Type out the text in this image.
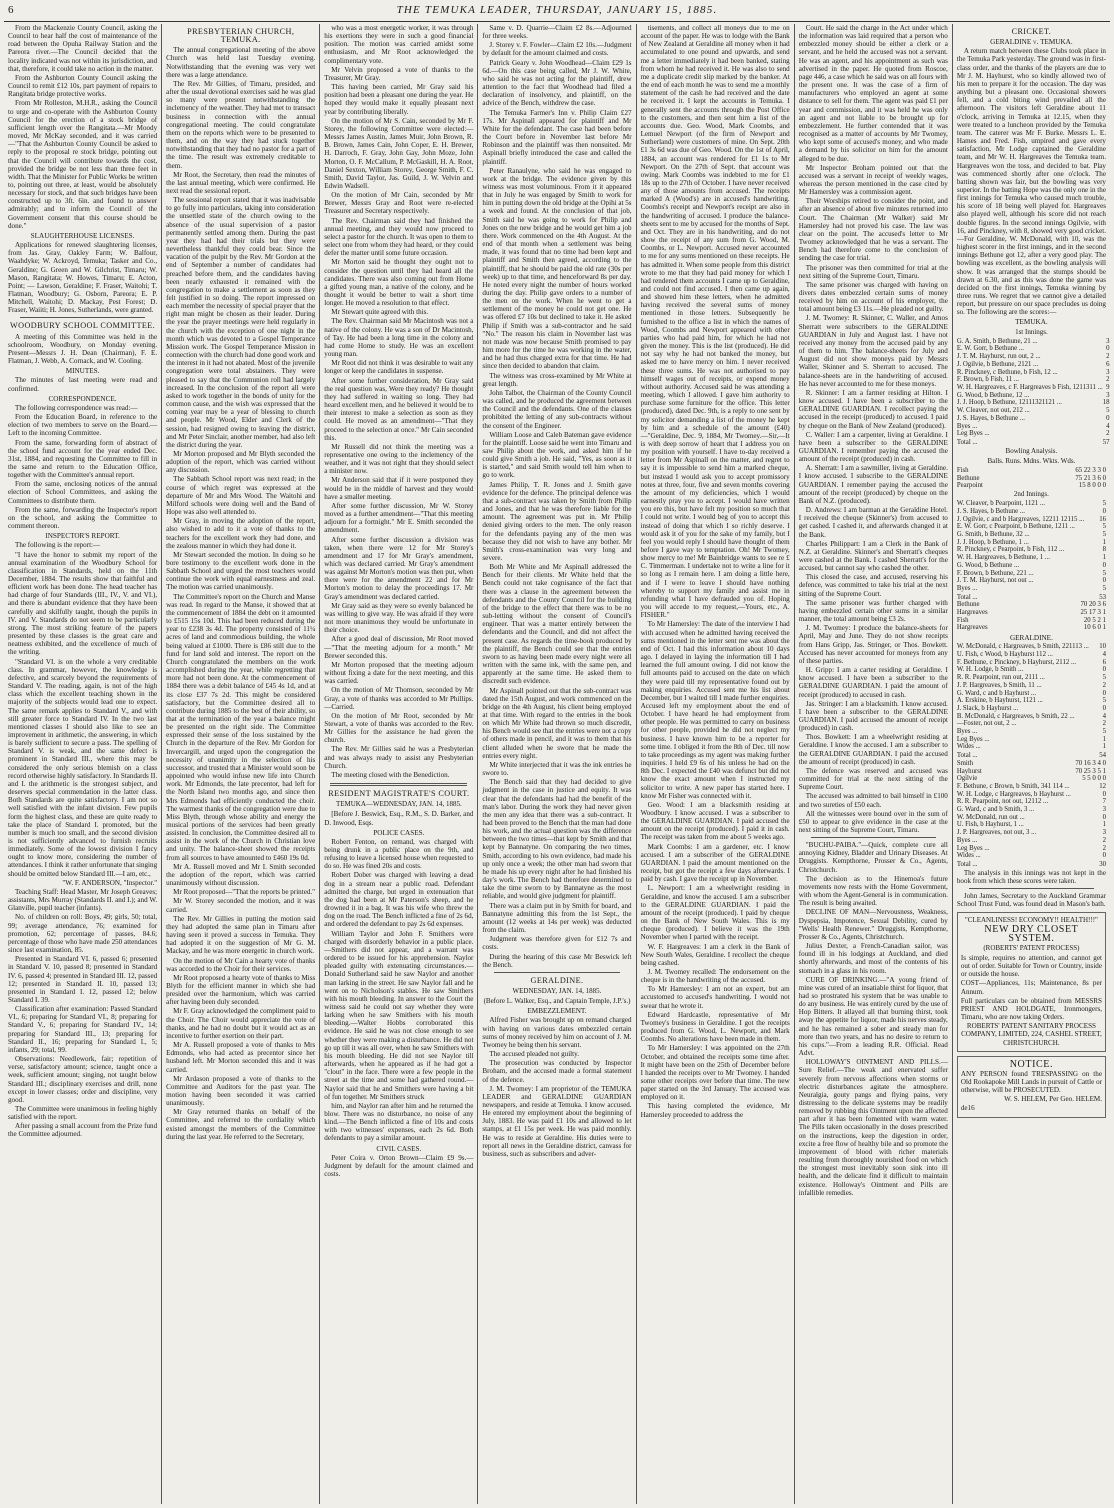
6	THE TEMUKA LEADER, THURSDAY, JANUARY 15, 1885.

From the Mackenzie County Council, asking the Council to hear half the cost of maintenance of the road between the Opuha Railway Station and the Pareora river.—The Council decided that the locality indicated was not within its jurisdiction, and that, therefore, it could take no action in the matter.

From the Ashburton County Council asking the Council to remit £12 10s, part payment of repairs to Rangitata bridge protective works.

From Mr Rolleston, M.H.R., asking the Council to urge and co-operate with the Ashburton County Council for the erection of a stock bridge of sufficient length over the Rangitata.—Mr Moody moved, Mr McKay seconded, and it was carried—"That the Ashburton County Council be asked to reply to the proposal re stock bridge, pointing out that the Council will contribute towards the cost, provided the bridge be not less than three feet in width. That the Minister for Public Works be written to, pointing out three, at least, would be absolutely necessary for stock, and that such bridges have been constructed up to 3ft. 6in. and found to answer admirably; and to inform the Council of the Government consent that this course should be done."

SLAUGHTERHOUSE LICENSES.

Applications for renewed slaughtering licenses, from Jas. Gray, Oakley Farm; W. Balfour, Waahdyke; W. Ackroyd, Temuka; Tasker and Co., Geraldine; G. Green and W. Gilchrist, Timaru; W. Mason, Rangitata; W. Howes, Timaru; E. Acton, Point; — Lawson, Geraldine; F. Fraser, Waitohi; T. Flatman, Woodbury; G. Osborn, Pareora; E. P. Mitchell, Waitohi; D. Mackay, Pest Forest; D. Fraser, Waiiti; H. Jones, Sutherlands, were granted.

WOODBURY SCHOOL COMMITTEE.

A meeting of this Committee was held in the schoolroom, Woodbury, on Monday evening. Present—Messrs J. H. Dean (Chairman), F. E. Flatman, J. Webb, A. Cornack, and W. Cooling.

MINUTES.

The minutes of last meeting were read and confirmed.

CORRESPONDENCE.

The following correspondence was read:—

From the Education Board, in reference to the election of two members to serve on the Board.—Left to the incoming Committee.

From the same, forwarding form of abstract of the school fund account for the year ended Dec. 31st, 1884, and requesting the Committee to fill in the same and return to the Education Office, together with the Committee's annual report.

From the same, enclosing notices of the annual election of School Committees, and asking the Committees to distribute them.

From the same, forwarding the Inspector's report on the school, and asking the Committee to comment thereon.

INSPECTOR'S REPORT.

The following is the report:—

"I have the honor to submit my report of the annual examination of the Woodbury School for classification in Standards, held on the 11th December, 1884. The results show that faithful and efficient work has been done. The head teacher has had charge of four Standards (III., IV., V. and VI.), and there is abundant evidence that they have been carefully and skilfully taught, though the pupils in IV. and V. Standards do not seem to be particularly strong. The most striking feature of the papers presented by these classes is the great care and neatness exhibited, and the excellence of much of the writing.

"Standard VI. is on the whole a very creditable class. In grammar, however, the knowledge is defective, and scarcely beyond the requirements of Standard V. The reading, again, is not of the high class which the excellent teaching shown in the majority of the subjects would lead one to expect. The same remark applies to Standard V., and with still greater force to Standard IV. In the two last mentioned classes I should also like to see an improvement in arithmetic, the answering, in which is barely sufficient to secure a pass. The spelling of Standard V. is weak, and the same defect is prominent in Standard III., where this may be considered the only serious blemish on a class record otherwise highly satisfactory. In Standards II. and I. the arithmetic is the strongest subject, and deserves special commendation in the latter class. Both Standards are quite satisfactory. I am not so well satisfied with the infant division. Few pupils form the highest class, and these are quite ready to take the place of Standard I. promoted, but the number is much too small, and the second division is not sufficiently advanced to furnish recruits immediately. Some of the lowest division I fancy ought to know more, considering the number of attendances. I think it rather unfortunate that singing should be omitted below Standard III.—I am, etc.,

"W. F. ANDERSON, "Inspector."

Teaching Staff: Head Master, Mr Joseph Greaves; assistants, Mrs Murray (Standards II. and I.); and W. Glanville, pupil teacher (infants).

No. of children on roll: Boys, 49; girls, 50; total, 99; average attendance, 76; examined for promotion, 62; percentage of passes, 84.6; percentage of those who have made 250 attendances since last examination, 85.

Presented in Standard VI. 6, passed 6; presented in Standard V. 10, passed 8; presented in Standard IV. 6, passed 4; presented in Standard III. 12, passed 12; presented in Standard II. 10, passed 13; presented in Standard I. 12, passed 12; below Standard I. 39.

Classification after examination: Passed Standard VI., 6; preparing for Standard VI., 8; preparing for Standard V., 6; preparing for Standard IV., 14; preparing for Standard III., 13; preparing for Standard II., 16; preparing for Standard I., 5; infants, 29; total, 99.

Observations: Needlework, fair; repetition of verse, satisfactory amount; science, taught once a week, sufficient amount; singing, not taught below Standard III.; disciplinary exercises and drill, none except in lower classes; order and discipline, very good.

The Committee were unanimous in feeling highly satisfied with the report.

After passing a small account from the Prize fund the Committee adjourned.

PRESBYTERIAN CHURCH, TEMUKA.

The annual congregational meeting of the above Church was held last Tuesday evening. Notwithstanding that the evening was very wet there was a large attendance.

The Rev. Mr Gillies, of Timaru, presided, and after the usual devotional exercises said he was glad so many were present notwithstanding the inclemency of the weather. They had met to transact business in connection with the annual congregational meeting. The could congratulate them on the reports which were to be presented to them, and on the way they had stuck together notwithstanding that they had no pastor for a part of the time. The result was extremely creditable to them.

Mr Root, the Secretary, then read the minutes of the last annual meeting, which were confirmed. He next read the sessional report.

The sessional report stated that it was inadvisable to go fully into particulars, taking into consideration the unsettled state of the church owing to the absence of the usual supervision of a pastor permanently settled among them. During the past year they had had their trials but they were nevertheless thankful they could bear. Since the vacation of the pulpit by the Rev. Mr Gordon at the end of September a number of candidates had preached before them, and the candidates having been nearly exhausted it remained with the congregation to make a settlement as soon as they felt justified in so doing. The report impressed on each member the necessity of special prayer that the right man might be chosen as their leader. During the year the prayer meetings were held regularly in the church with the exception of one night in the month which was devoted to a Gospel Temperance Mission work. The Gospel Temperance Mission in connection with the church had done good work and the interest in it had not abated. Most of the juvenile congregation were total abstainers. They were pleased to say that the Communion roll had largely increased. In the conclusion of the report all were asked to work together in the bonds of unity for the common cause, and the wish was expressed that the coming year may be a year of blessing to church and people. Mr Wood, Elder and Clerk of the session, had resigned owing to leaving the district, and Mr Peter Sinclair, another member, had also left the district during the year.

Mr Morton proposed and Mr Blyth seconded the adoption of the report, which was carried without any discussion.

The Sabbath School report was next read; in the course of which regret was expressed at the departure of Mr and Mrs Wood. The Waitohi and Milford schools were doing well and the Band of Hope was also well attended to.

Mr Gray, in moving the adoption of the report, also wished to add to it a vote of thanks to the teachers for the excellent work they had done, and the zealous manner in which they had done it.

Mr Stewart seconded the motion. In doing so he bore testimony to the excellent work done in the Sabbath School and urged the most teachers would continue the work with equal earnestness and zeal. The motion was carried unanimously.

The Committee's report on the Church and Manse was read. In regard to the Manse, it showed that at the commencement of 1884 the debt on it amounted to £515 15s 10d. This had been reduced during the year to £238 3s 4d. The property consisted of 11¼ acres of land and commodious building, the whole being valued at £1000. There is £86 still due to the fund for land sold and interest. The report on the Church congratulated the members on the work accomplished during the year, while regretting that more had not been done. At the commencement of 1884 there was a debit balance of £45 4s 1d, and at its close £37 7s 2d. This might be considered satisfactory, but the Committee desired all to contribute during 1885 to the best of their ability, so that at the termination of the year a balance might be presented on the right side. The Committee expressed their sense of the loss sustained by the Church in the departure of the Rev. Mr Gordon for Invercargill, and urged upon the congregation the necessity of unanimity in the selection of his successor, and trusted that a Minister would soon be appointed who would infuse new life into Church work. Mr Edmonds, the late precentor, had left for the North Island two months ago, and since then Mrs Edmonds had efficiently conducted the choir. The warmest thanks of the congregation were due to Miss Blyth, through whose ability and energy the musical portions of the services had been greatly assisted. In conclusion, the Committee desired all to assist in the work of the Church in Christian love and unity. The balance-sheet showed the receipts from all sources to have amounted to £460 19s 0d.

Mr A. Russell moved and Mr I. Smith seconded the adoption of the report, which was carried unanimously without discussion.

Mr Root proposed—"That the reports be printed."

Mr W. Storey seconded the motion, and it was carried.

The Rev. Mr Gillies in putting the motion said they had adopted the same plan in Timaru after having seen it proved a success in Temuka. They had adopted it on the suggestion of Mr G. M. Mackay, and he was more energetic in church work.

On the motion of Mr Cain a hearty vote of thanks was accorded to the Choir for their services.

Mr Root proposed a hearty vote of thanks to Miss Blyth for the efficient manner in which she had presided over the harmonium, which was carried after having been duly seconded.

Mr F. Gray acknowledged the compliment paid to the Choir. The Choir would appreciate the vote of thanks, and he had no doubt but it would act as an incentive to further exertion on their part.

Mr A. Russell proposed a vote of thanks to Mrs Edmonds, who had acted as precentor since her husband left. Mr Morton seconded this and it was carried.

Mr Ardason proposed a vote of thanks to the Committee and Auditors for the past year. The motion having been seconded it was carried unanimously.

Mr Gray returned thanks on behalf of the Committee, and referred to the cordiality which existed amongst the members of the Committee during the last year. He referred to the Secretary,

who was a most energetic worker, it was through his exertions they were in such a good financial position. The motion was carried amidst some enthusiasm, and Mr Root acknowledged the complimentary vote.

Mr Velvin proposed a vote of thanks to the Treasurer, Mr Gray.

This having been carried, Mr Gray said his position had been a pleasant one during the year. He hoped they would make it equally pleasant next year by contributing liberally.

On the motion of Mr S. Cain, seconded by Mr F. Storey, the following Committee were elected:—Messrs James Austin, James Muir, John Brown, R. B. Brown, James Cain, John Coper, E. H. Brewer, H. Darroch, F. Gray, John Gay, John Moze, John Morton, O. F. McCallum, P. McGaskill, H. A. Root, Daniel Sexton, William Storey, George Smith, F. C. Smith, David Taylor, Jas. Guild, J. W. Velvin and Edwin Wadsell.

On the motion of Mr Cain, seconded by Mr Brewer, Messrs Gray and Root were re-elected Treasurer and Secretary respectively.

The Rev. Chairman said they had finished the annual meeting, and they would now proceed to select a pastor for the church. It was open to them to select one from whom they had heard, or they could defer the matter until some future occasion.

Mr Morton said he thought they ought not to consider the question until they had heard all the candidates. There was also coming out from Home a gifted young man, a native of the colony, and he thought it would be better to wait a short time longer. He moved a resolution to that effect.

Mr Stewart quite agreed with this.

The Rev. Chairman said Mr Macintosh was not a native of the colony. He was a son of Dr Macintosh, of Tay. He had been a long time in the colony and had come Home to study. He was an excellent young man.

Mr Root did not think it was desirable to wait any longer or keep the candidates in suspense.

After some further consideration, Mr Gray said the real question was, Were they ready? He thought they had suffered in waiting so long. They had heard excellent men, and he believed it would be to their interest to make a selection as soon as they could. He moved as an amendment—"That they proceed to the selection at once." Mr Cain seconded this.

Mr Russell did not think the meeting was a representative one owing to the inclemency of the weather, and it was not right that they should select a minister now.

Mr Anderson said that if it were postponed they would be in the middle of harvest and they would have a smaller meeting.

After some further discussion, Mr W. Storey moved as a further amendment—"That this meeting adjourn for a fortnight." Mr E. Smith seconded the amendment.

After some further discussion a division was taken, when there were 12 for Mr Storey's amendment and 17 for Mr Gray's amendment, which was declared carried. Mr Gray's amendment was against Mr Morton's motion was then put, when there were for the amendment 22 and for Mr Morton's motion to delay the proceedings 17. Mr Gray's amendment was declared carried.

Mr Gray said as they were so evenly balanced he was willing to give way. He was afraid if they were not more unanimous they would be unfortunate in their choice.

After a good deal of discussion, Mr Root moved—"That the meeting adjourn for a month." Mr Brewer seconded this.

Mr Morton proposed that the meeting adjourn without fixing a date for the next meeting, and this was carried.

On the motion of Mr Thomson, seconded by Mr Gray, a vote of thanks was accorded to Mr Phillips.—Carried.

On the motion of Mr Root, seconded by Mr Stewart, a vote of thanks was accorded to the Rev. Mr Gillies for the assistance he had given the church.

The Rev. Mr Gillies said he was a Presbyterian and was always ready to assist any Presbyterian Church.

The meeting closed with the Benediction.

RESIDENT MAGISTRATE'S COURT.

TEMUKA—WEDNESDAY, JAN. 14, 1885.

[Before J. Beswick, Esq., R.M., S. D. Barker, and D. Inwood, Esqs.

POLICE CASES.

Robert Fenton, on remand, was charged with being drunk in a public place on the 9th, and refusing to leave a licensed house when requested to do so. He was fined 20s and costs.

Robert Dober was charged with leaving a dead dog in a stream near a public road. Defendant admitted the charge, but urged in extenuation that the dog had been at Mr Paterson's sheep, and he drowned it in a bag. It was his wife who threw the dog on the road. The Bench inflicted a fine of 2s 6d, and ordered the defendant to pay 2s 6d expenses.

William Taylor and John F. Smithers were charged with disorderly behavior in a public place.—Smithers did not appear, and a warrant was ordered to be issued for his apprehension. Naylor pleaded guilty with extenuating circumstances.—Donald Sutherland said he saw Naylor and another man larking in the street. He saw Naylor fall and he went on to Nicholson's stables. He saw Smithers with his mouth bleeding. In answer to the Court the witness said he could not say whether they were larking when he saw Smithers with his mouth bleeding.—Walter Hobbs corroborated this evidence. He said he was not close enough to see whether they were making a disturbance. He did not go up till it was all over, when he saw Smithers with his mouth bleeding. He did not see Naylor till afterwards, when he appeared as if he had got a "clout" in the face. There were a few people in the street at the time and some had gathered round.—Naylor said that he and Smithers were having a bit of fun together. Mr Smithers struck

him, and Naylor ran after him and he returned the blow. There was no disturbance, no noise of any kind.—The Bench inflicted a fine of 10s and costs with two witnesses' expenses, each 2s 6d. Both defendants to pay a similar amount.

CIVIL CASES.

Peter Coira v. Orton Brown—Claim £9 9s.—Judgment by default for the amount claimed and costs.

Same v. D. Quarrie—Claim £2 8s.—Adjourned for three weeks.

J. Storey v. F. Fowler—Claim £2 10s.—Judgment by default for the amount claimed and costs.

Patrick Geary v. John Woodhead—Claim £29 1s 6d.—On this case being called, Mr J. W. White, who said he was not acting for the plaintiff, drew attention to the fact that Woodhead had filed a declaration of insolvency, and plaintiff, on the advice of the Bench, withdrew the case.

The Temuka Farmer's Inn v. Philip Claim £27 17s. Mr Aspinall appeared for plaintiff and Mr White for the defendant. The case had been before the Court before in November last before Mr Robinson and the plaintiff was then nonsuited. Mr Aspinall briefly introduced the case and called the plaintiff.

Peter Ranaulyne, who said he was engaged to work at the bridge. The evidence given by this witness was most voluminous. From it it appeared that in July he was engaged by Smith to work for him in putting down the old bridge at the Opihi at 5s a week and found. At the conclusion of that job, Smith said he was going to work for Philip and Jones on the new bridge and he would get him a job there. Work commenced on the 4th August. At the end of that month when a settlement was being made, it was found that no time had been kept and plaintiff and Smith then agreed, according to the plaintiff, that he should be paid the old rate (30s per week) up to that time, and henceforward 8s per day. He noted every night the number of hours worked during the day. Philip gave orders to a number of the men on the work. When he went to get a settlement of the money he could not get one. He was offered £7 10s but declined to take it. He asked Philip if Smith was a sub-contractor and he said "No." The reason his claim in November last was not made was now because Smith promised to pay him more for the time he was working in the water, and he had thus charged extra for that time. He had since then decided to abandon that claim.

The witness was cross-examined by Mr White at great length.

John Talbot, the Chairman of the County Council was called, and he produced the agreement between the Council and the defendants. One of the clauses prohibited the letting of any sub-contracts without the consent of the Engineer.

William Loose and Caleb Bateman gave evidence for the plaintiff. Loose said he went into Timaru and saw Philip about the work, and asked him if he could give Smith a job. He said, "Yes, as soon as it is started," and said Smith would tell him when to go to work.

James Philip, T. R. Jones and J. Smith gave evidence for the defence. The principal defence was that a sub-contract was taken by Smith from Philip and Jones, and that he was therefore liable for the amount. The agreement was put in. Mr Philip denied giving orders to the men. The only reason for the defendants paying any of the men was because they did not wish to have any bother. Mr Smith's cross-examination was very long and severe.

Both Mr White and Mr Aspinall addressed the Bench for their clients. Mr White held that the Bench could not take cognisance of the fact that there was a clause in the agreement between the defendants and the County Council for the building of the bridge to the effect that there was to be no sub-letting without the consent of Council's engineer. That was a matter entirely between the defendants and the Council, and did not affect the present case. As regards the time-book produced by the plaintiff, the Bench could see that the entries sworn to as having been made every night were all written with the same ink, with the same pen, and apparently at the same time. He asked them to discredit such evidence.

Mr Aspinall pointed out that the sub-contract was dated the 15th August, and work commenced on the bridge on the 4th August, his client being employed at that time. With regard to the entries in the book on which Mr White had thrown so much discredit, his Bench would see that the entries were not a copy of others made in pencil, and it was to them that his client alluded when he swore that he made the entries every night.

Mr White interjected that it was the ink entries he swore to.

The Bench said that they had decided to give judgment in the case in justice and equity. It was clear that the defendants had had the benefit of the man's labor. During the work they had never given the men any idea that there was a sub-contract. It had been proved to the Bench that the man had done his work, and the actual question was the difference between the two times—that kept by Smith and that kept by Bannatyne. On comparing the two times, Smith, according to his own evidence, had made his up only once a week; the other man had sworn that he made his up every night after he had finished his day's work. The Bench had therefore determined to take the time sworn to by Bannatyne as the most reliable, and would give judgment for plaintiff.

There was a claim put in by Smith for board, and Bannatyne admitting this from the 1st Sept., the amount (12 weeks at 14s per week) was deducted from the claim.

Judgment was therefore given for £12 7s and costs.

During the hearing of this case Mr Beswick left the Bench.

GERALDINE.

WEDNESDAY, JAN. 14, 1885.

(Before L. Walker, Esq., and Captain Temple, J.P.'s.)

EMBEZZLEMENT.

Alfred Fisher was brought up on remand charged with having on various dates embezzled certain sums of money received by him on account of J. M. Twomey he being then his servant.

The accused pleaded not guilty.

The prosecution was conducted by Inspector Broham, and the accused made a formal statement of the defence.

J. M. Twomey: I am proprietor of the TEMUKA LEADER and GERALDINE GUARDIAN newspapers, and reside at Temuka. I know accused. He entered my employment about the beginning of July, 1883. He was paid £1 10s and allowed to let stamps, at £1 15s per week. He was paid monthly. He was to reside at Geraldine. His duties were to report all news in the Geraldine district, canvass for business, such as subscribers and adver-

tisements, and collect all moneys due to me on account of the paper. He was to lodge with the Bank of New Zealand at Geraldine all money when it had accumulated to one pound and upwards, and send me a letter immediately it had been banked, stating from whom he had received it. He was also to send me a duplicate credit slip marked by the banker. At the end of each month he was to send me a monthly statement of the cash he had received and the date he received it. I kept the accounts in Temuka. I generally sent the accounts through the Post Office to the customers, and then sent him a list of the accounts due. Geo. Wood, Mark Coombs, and Lemuel Newport (of the firm of Newport and Sutherland) were customers of mine. On Sept. 20th £1 3s 6d was due of Geo. Wood. On the 1st of April, 1884, an account was rendered for £1 1s to Mr Newport. On the 27th of Sept. that account was owing. Mark Coombs was indebted to me for £1 18s up to the 27th of October. I have never received any of those amounts from accused. The receipts marked A (Wood's) are in accused's handwriting. Coombs's receipt and Newport's receipt are also in the handwriting of accused. I produce the balance-sheets sent to me by accused for the months of Sept. and Oct. They are in his handwriting, and do not show the receipt of any sum from G. Wood, M. Coombs, or L. Newport. Accused never accounted to me for any sums mentioned on these receipts. He has admitted it. When some people from this district wrote to me that they had paid money for which I had rendered them accounts I came up to Geraldine, and could not find accused. I then came up again, and showed him these letters, when he admitted having received the several sums of money mentioned in those letters. Subsequently he furnished to the office a list in which the names of Wood, Coombs and Newport appeared with other parties who had paid him, for which he had not given the money. This is the list (produced). He did not say why he had not banked the money, but asked me to have mercy on him. I never received these three sums. He was not authorised to pay himself wages out of receipts, or expend money without authority. Accused said he was attending a meeting, which I allowed. I gave him authority to purchase some furniture for the office. This letter (produced), dated Dec. 9th, is a reply to one sent by my solicitor demanding a list of the money he kept by him and a schedule of the amount (£40)—"Geraldine, Dec. 9, 1884, Mr Twomey.—Sir,—It is with deep sorrow of heart that I address you on my position with yourself. I have to-day received a letter from Mr Aspinall on the matter, and regret to say it is impossible to send him a marked cheque, but instead I would ask you to accept promissory notes at three, four, five and seven months covering the amount of my deficiencies, which I would earnestly pray you to accept. I would have written you ere this, but have felt my position so much that I could not write. I would beg of you to accept this instead of doing that which I so richly deserve. I would ask it of you for the sake of my family, but I feel you would reply I should have thought of them before I gave way to temptation. Oh! Mr Twomey, show mercy to me! Mr Bainbridge wants to see re £ C. Timmerman. I undertake not to write a line for it so long as I remain here. I am doing a little here, and if I were to leave I should have nothing whereby to support my family and assist me in refunding what I have defrauded you of. Hoping you will accede to my request,—Yours, etc., A. FISHER."

To Mr Hamersley: The date of the interview I had with accused when he admitted having received the sums mentioned in the letter sent me was about the end of Oct. I had this information about 10 days ago. I delayed in laying the information till I had learned the full amount owing. I did not know the full amounts paid to accused on the date on which they were paid till my representative found out by making enquiries. Accused sent me his list about December, but I waited till I made further enquiries. Accused left my employment about the end of October. I have heard he had employment from other people. He was permitted to carry on business for other people, provided he did not neglect my business. I have known him to be a reporter for some time. I obliged it from the 8th of Dec. till now to take proceedings as my agent was making further inquiries. I held £9 6s of his unless he had on the 8th Dec. I expected the £40 was defunct but did not know the exact amount when I instructed my solicitor to write. A new paper has started here. I know Mr Fisher was connected with it.

Geo. Wood: I am a blacksmith residing at Woodbury. I know accused. I was a subscriber to the GERALDINE GUARDIAN. I paid accused the amount on the receipt (produced). I paid it in cash. The receipt was taken from me about 5 weeks ago.

Mark Coombs: I am a gardener, etc. I know accused. I am a subscriber of the GERALDINE GUARDIAN. I paid the amount mentioned on the receipt, but got the receipt a few days afterwards. I paid by cash. I gave the receipt up in November.

L. Newport: I am a wheelwright residing in Geraldine, and know the accused. I am a subscriber to the GERALDINE GUARDIAN. I paid the amount of the receipt (produced). I paid by cheque on the Bank of New South Wales. This is my cheque (produced). I believe it was the 19th November when I parted with the receipt.

W. F. Hargreaves: I am a clerk in the Bank of New South Wales, Geraldine. I recollect the cheque being cashed.

J. M. Twomey recalled: The endorsement on the cheque is in the handwriting of the accused.

To Mr Hamersley: I am not an expert, but am accustomed to accused's handwriting. I would not swear that he wrote it.

Edward Hardcastle, representative of Mr Twomey's business in Geraldine. I got the receipts produced from G. Wood, L. Newport, and Mark Coombs. No alterations have been made in them.

To Mr Hamersley: I was appointed on the 27th October, and obtained the receipts some time after. It might have been on the 25th of December before I handed the receipts over to Mr Twomey. I handed some other receipts over before that time. The new paper started on the 3rd January. The accused was employed on it.

This having completed the evidence, Mr Hamersley proceeded to address the

Court. He said the charge in the Act under which the information was laid required that a person who embezzled money should be either a clerk or a servant, and he held the accused was not a servant. He was an agent, and his appointment as such was advertised in the paper. He quoted from Roscoe, page 446, a case which he said was on all fours with the present one. It was the case of a firm of manufacturers who employed an agent at some distance to sell for them. The agent was paid £1 per year and commission, and it was held he was only an agent and not liable to be brought up for embezzlement. He further contended that it was recognised as a matter of accounts by Mr Twomey, who kept some of accused's money, and who made a demand by his solicitor on him for the amount alleged to be due.

Mr Inspector Broham pointed out that the accused was a servant in receipt of weekly wages, whereas the person mentioned in the case cited by Mr Hamersley was a commission agent.

Their Worships retired to consider the point, and after an absence of about five minutes returned into Court. The Chairman (Mr Walker) said Mr Hamersley had not proved his case. The law was clear on the point. The accused's letter to Mr Twomey acknowledged that he was a servant. The Bench had therefore come to the conclusion of sending the case for trial.

The prisoner was then committed for trial at the next sitting of the Supreme Court, Timaru.

The same prisoner was charged with having on divers dates embezzled certain sums of money received by him on account of his employer, the total amount being £3 11s.—He pleaded not guilty.

J. M. Twomey: R. Skinner, C. Waller, and Amos Sherratt were subscribers to the GERALDINE GUARDIAN in July and August last. I have not received any money from the accused paid by any of them to him. The balance-sheets for July and August did not show moneys paid by Messrs Waller, Skinner and S. Sherratt to accused. The balance-sheets are in the handwriting of accused. He has never accounted to me for these moneys.

R. Skinner: I am a farmer residing at Hilton. I know accused. I have been a subscriber to the GERALDINE GUARDIAN. I recollect paying the accused in the receipt (produced) to accused. I paid by cheque on the Bank of New Zealand (produced).

C. Waller: I am a carpenter, living at Geraldine. I have been a subscriber to the GERALDINE GUARDIAN. I remember paying the accused the amount of the receipt (produced) in cash.

A. Sherratt: I am a sawmiller, living at Geraldine. I know accused. I subscribe to the GERALDINE GUARDIAN. I remember paying the accused the amount of the receipt (produced) by cheque on the Bank of N.Z. (produced).

D. Andrews: I am barman at the Geraldine Hotel. I received the cheque (Skinner's) from accused to get cashed. I cashed it, and afterwards changed it at the Bank.

Charles Philippart: I am a Clerk in the Bank of N.Z. at Geraldine. Skinner's and Sherratt's cheques were cashed at the Bank. I cashed Sherratt's for the accused, but cannot say who cashed the other.

This closed the case, and accused, reserving his defence, was committed to take his trial at the next sitting of the Supreme Court.

The same prisoner was further charged with having embezzled certain other sums in a similar manner, the total amount being £3 2s.

J. M. Twomey: I produce the balance-sheets for April, May and June. They do not show receipts from Hans Gripp, Jas. Stringer, or Thos. Bowkett. Accused has never accounted for moneys from any of these parties.

H. Gripp: I am a carter residing at Geraldine. I know accused. I have been a subscriber to the GERALDINE GUARDIAN. I paid the amount of receipt (produced) to accused in cash.

Jas. Stringer: I am a blacksmith. I know accused. I have been a subscriber to the GERALDINE GUARDIAN. I paid accused the amount of receipt (produced) in cash.

Thos. Bowkett: I am a wheelwright residing at Geraldine. I know the accused. I am a subscriber to the GERALDINE GUARDIAN. I paid the accused the amount of receipt (produced) in cash.

The defence was reserved and accused was committed for trial at the next sitting of the Supreme Court.

The accused was admitted to bail himself in £100 and two sureties of £50 each.

All the witnesses were bound over in the sum of £50 to appear to give evidence in the case at the next sitting of the Supreme Court, Timaru.

"BUCHU-PAIBA."—Quick, complete cure all annoying Kidney, Bladder and Urinary Diseases. At Druggists. Kempthorne, Prosser & Co., Agents, Christchurch.

The decision as to the Hinemoa's future movements now rests with the Home Government, with whom the Agent-General is in communication. The result is being awaited.

DECLINE OF MAN—Nervousness, Weakness, Dyspepsia, Impotence, Sexual Debility, cured by "Wells' Health Renewer." Druggists, Kempthorne, Prosser & Co., Agents, Christchurch.

Julius Dexter, a French-Canadian sailor, was found ill in his lodgings at Auckland, and died shortly afterwards, and most of the contents of his stomach in a glass in his room.

CURE OF DRINKING.—"A young friend of mine was cured of an insatiable thirst for liquor, that had so prostrated his system that he was unable to do any business. He was entirely cured by the use of Hop Bitters. It allayed all that burning thirst, took away the appetite for liquor, made his nerves steady, and he has remained a sober and steady man for more than two years, and has no desire to return to his cups."—From a leading R.R. Official. Read Advt.

HOLLOWAY'S OINTMENT AND PILLS.—Sure Relief.—The weak and enervated suffer severely from nervous affections when storms or electric disturbances agitate the atmosphere. Neuralgia, gouty pangs and flying pains, very distressing to the delicate systems may be readily removed by rubbing this Ointment upon the affected part after it has been fomented with warm water. The Pills taken occasionally in the doses prescribed on the instructions, keep the digestion in order, excite a free flow of healthy bile and so promote the improvement of blood with richer materials resulting from thoroughly nourished food on which the strongest must inevitably soon sink into ill health, and the delicate find it difficult to maintain existence. Holloway's Ointment and Pills are infallible remedies.

CRICKET.
GERALDINE v. TEMUKA.

A return match between these Clubs took place in the Temuka Park yesterday. The ground was in first-class order, and the thanks of the players are due to Mr J. M. Hayhurst, who so kindly allowed two of his men to prepare it for the occasion. The day was anything but a pleasant one. Occasional showers fell, and a cold biting wind prevailed all the afternoon. The visitors left Geraldine about 11 o'clock, arriving in Temuka at 12.15, when they were treated to a luncheon provided by the Temuka team. The caterer was Mr F. Burke. Messrs L. E. Hames and Fred. Fish, umpired and gave every satisfaction, Mr Lodge captained the Geraldine team, and Mr W. H. Hargreaves the Temuka team. Hargreaves won the toss, and decided to bat. Play was commenced shortly after one o'clock. The batting shown was fair, but the bowling was very superior. In the batting Hope was the only one in the first innings for Temuka who caused much trouble, his score of 18 being well played for. Hargreaves also played well, although his score did not reach double figures. In the second innings Ogilvie, with 16, and Pinckney, with 8, showed very good cricket.—For Geraldine, W. McDonald, with 10, was the highest scorer in the first innings, and in the second innings Bethune got 12, after a very good play. The bowling was excellent, as the bowling analysis will show. It was arranged that the stumps should be drawn at 6.30, and as this was done the game was decided on the first innings, Temuka winning by three runs. We regret that we cannot give a detailed report, but pressure on our space precludes us doing so. The following are the scores:—

TEMUKA.

1st Innings.

G. A. Smith, b Bethune, 21 ...	3
E. W. Gorr, b Bethune ...	0
J. T. M. Hayhurst, run out, 2 ...	2
J. Ogilvie, b Bethune, 2121 ...	6
R. Pinckney, c Bethune, b Fish, 12 ...	3
F. Brown, b Fish, 11 ...	2
W. H. Hargreaves, c F. Hargreaves b Fish, 1211311 ...	9
G. Wood, b Bethune, 12 ...	3
J. J. Hoop, b Bethune, 12111321121 ...	18
W. Cleaver, not out, 212 ...	5
J. S. Hayes, b Bethune ...	0
Byes ...	4
Leg Byes ...	2
Total ...	57

Bowling Analysis.

Balls. Runs. Mdns. Wkts. Wds.

Fish	65 22 3 3 0
Bethune	75 21 3 6 0
Pearpoint	15 8 0 0 0

2nd Innings.

W. Cleaver, b Pearpoint, 1121 ...	5
J. S. Hayes, b Bethune ...	0
J. Ogilvie, c and b Hargreaves, 12211 12115 ...	16
E. W. Gorr, c Pearpoint, b Bethune, 1211 ...	5
G. Smith, b Bethune, 32 ...	5
J. J. Hoop, b Bethune, 1 ...	1
R. Pinckney, c Pearpoint, b Fish, 112 ...	8
W. H. Hargreaves, b Bethune, 1 ...	1
G. Wood, b Bethune ...	0
F. Brown, b Bethune, 221 ...	5
J. T. M. Hayhurst, not out ...	0
Byes ...	5
Total ...	53
Bethune	70 20 3 6
Hargreaves	25 17 3 1
Fish	20 5 2 1
Hargreaves	10 6 0 1
GERALDINE.
W. McDonald, c Hargreaves, b Smith, 221113 ...	10
U. Fish, c Wood, b Hayhurst 112 ...	4
F. Bethune, c Pinckney, b Hayhurst, 2112 ...	6
W. H. Lodge, b Smith ...	0
R. R. Pearpoint, run out, 2111 ...	5
J. P. Hargreaves, b Smith, 11 ...	2
G. Ward, c and b Hayhurst ...	0
A. Erskine, b Hayhurst, 1121 ...	5
J. Slack, b Hayhurst ...	0
B. McDonald, c Hargreaves, b Smith, 22 ...	4
—Foster, not out, 2 ...	2
Byes ...	5
Leg Byes ...	1
Wides ...	1
Total ...	54
Smith	70 16 3 4 0
Hayhurst	70 25 3 5 1
Ogilvie	5 5 0 0 0
F. Bethune, c Brown, b Smith, 341 114 ...	12
W. H. Lodge, c Hargreaves, b Hayhurst ...	0
R. R. Pearpoint, not out, 12112 ...	7
G. Ward, c and b Smith, 3 ...	3
W. McDonald, run out ...	0
U. Fish, b Hayhurst, 1 ...	1
J. P. Hargreaves, not out, 3 ...	3
Byes ...	2
Leg Byes ...	2
Wides ...	0
Total ...	30

The analysis in this innings was not kept in the book from which these scores were taken.

John James, Secretary to the Auckland Grammar School Trust Fund, was found dead in Mason's bath.

"CLEANLINESS! ECONOMY!! HEALTH!!!"

NEW DRY CLOSET SYSTEM.

(ROBERTS' PATENT PROCESS)

Is simple, requires no attention, and cannot get out of order. Suitable for Town or Country, inside or outside the house.

COST—Appliances, 11s; Maintenance, 8s per Annum.

Full particulars can be obtained from MESSRS PRIEST AND HOLDGATE, Ironmongers, Timaru, who are now taking Orders.

ROBERTS' PATENT SANITARY PROCESS COMPANY, LIMITED, 224, CASHEL STREET, CHRISTCHURCH.

NOTICE.

ANY PERSON found TRESPASSING on the Old Rookapoke Mill Lands in pursuit of Cattle or otherwise, will be PROSECUTED.

W. S. HELEM, Per Geo. HELEM.

de16
